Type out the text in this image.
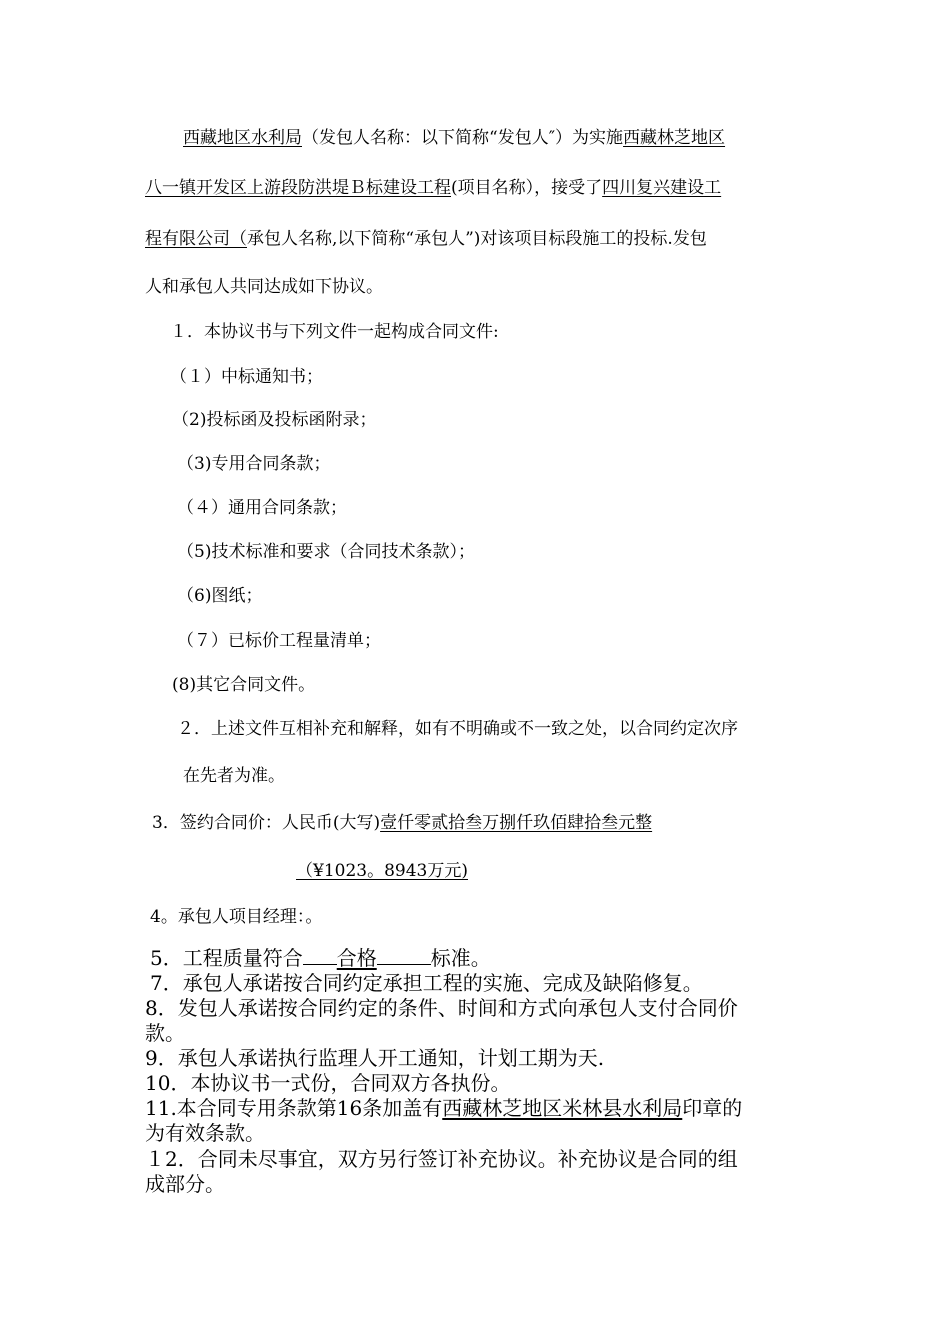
西藏地区水利局（发包人名称：以下简称“发包人″）为实施西藏林芝地区
八一镇开发区上游段防洪堤Ｂ标建设工程(项目名称），接受了四川复兴建设工
程有限公司（承包人名称,以下简称“承包人”)对该项目标段施工的投标.发包
人和承包人共同达成如下协议。
１．本协议书与下列文件一起构成合同文件:
（１）中标通知书；
（2)投标函及投标函附录；
（3)专用合同条款；
（４）通用合同条款；
（5)技术标准和要求（合同技术条款）；
（6)图纸；
（７）已标价工程量清单；
(8)其它合同文件。
２．上述文件互相补充和解释，如有不明确或不一致之处，以合同约定次序
在先者为准。
3．签约合同价：人民币(大写)壹仟零贰拾叁万捌仟玖佰肆拾叁元整
（¥1023。8943万元)
4。承包人项目经理：。
5．工程质量符合 合格	标准。
7．承包人承诺按合同约定承担工程的实施、完成及缺陷修复。
8．发包人承诺按合同约定的条件、时间和方式向承包人支付合同价
款。
9．承包人承诺执行监理人开工通知，计划工期为天.
10．本协议书一式份，合同双方各执份。
11.本合同专用条款第16条加盖有西藏林芝地区米林县水利局印章的
为有效条款。
１2．合同未尽事宜，双方另行签订补充协议。补充协议是合同的组
成部分。
